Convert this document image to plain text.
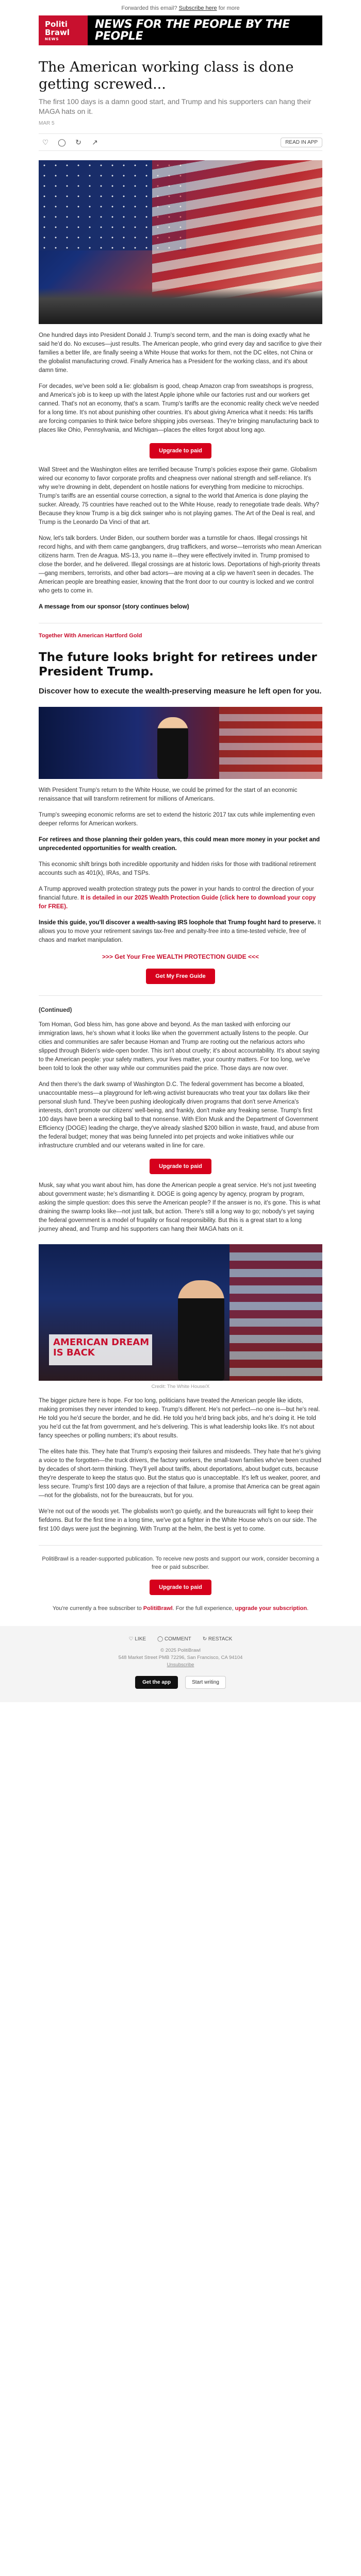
Forwarded this email? Subscribe here for more
Politi
Brawl
NEWS
NEWS FOR THE PEOPLE BY THE PEOPLE
The American working class is done getting screwed...
The first 100 days is a damn good start, and Trump and his supporters can hang their MAGA hats on it.
MAR 5
♡	◯	↻	↗	READ IN APP

One hundred days into President Donald J. Trump's second term, and the man is doing exactly what he said he'd do. No excuses—just results. The American people, who grind every day and sacrifice to give their families a better life, are finally seeing a White House that works for them, not the DC elites, not China or the globalist manufacturing crowd. Finally America has a President for the working class, and it's about damn time.

For decades, we've been sold a lie: globalism is good, cheap Amazon crap from sweatshops is progress, and America's job is to keep up with the latest Apple iphone while our factories rust and our workers get canned. That's not an economy, that's a scam. Trump's tariffs are the economic reality check we've needed for a long time. It's not about punishing other countries. It's about giving America what it needs: His tariffs are forcing companies to think twice before shipping jobs overseas. They're bringing manufacturing back to places like Ohio, Pennsylvania, and Michigan—places the elites forgot about long ago.

Upgrade to paid

Wall Street and the Washington elites are terrified because Trump's policies expose their game. Globalism wired our economy to favor corporate profits and cheapness over national strength and self-reliance. It's why we're drowning in debt, dependent on hostile nations for everything from medicine to microchips. Trump's tariffs are an essential course correction, a signal to the world that America is done playing the sucker. Already, 75 countries have reached out to the White House, ready to renegotiate trade deals. Why? Because they know Trump is a big dick swinger who is not playing games. The Art of the Deal is real, and Trump is the Leonardo Da Vinci of that art.

Now, let's talk borders. Under Biden, our southern border was a turnstile for chaos. Illegal crossings hit record highs, and with them came gangbangers, drug traffickers, and worse—terrorists who mean American citizens harm. Tren de Aragua. MS-13, you name it—they were effectively invited in. Trump promised to close the border, and he delivered. Illegal crossings are at historic lows. Deportations of high-priority threats—gang members, terrorists, and other bad actors—are moving at a clip we haven't seen in decades. The American people are breathing easier, knowing that the front door to our country is locked and we control who gets to come in.

A message from our sponsor (story continues below)

Together With American Hartford Gold
The future looks bright for retirees under President Trump.
Discover how to execute the wealth-preserving measure he left open for you.

With President Trump's return to the White House, we could be primed for the start of an economic renaissance that will transform retirement for millions of Americans.

Trump's sweeping economic reforms are set to extend the historic 2017 tax cuts while implementing even deeper reforms for American workers.

For retirees and those planning their golden years, this could mean more money in your pocket and unprecedented opportunities for wealth creation.

This economic shift brings both incredible opportunity and hidden risks for those with traditional retirement accounts such as 401(k), IRAs, and TSPs.

A Trump approved wealth protection strategy puts the power in your hands to control the direction of your financial future. It is detailed in our 2025 Wealth Protection Guide (click here to download your copy for FREE).

Inside this guide, you'll discover a wealth-saving IRS loophole that Trump fought hard to preserve. It allows you to move your retirement savings tax-free and penalty-free into a time-tested vehicle, free of chaos and market manipulation.

>>> Get Your Free WEALTH PROTECTION GUIDE <<<
Get My Free Guide
(Continued)

Tom Homan, God bless him, has gone above and beyond. As the man tasked with enforcing our immigration laws, he's shown what it looks like when the government actually listens to the people. Our cities and communities are safer because Homan and Trump are rooting out the nefarious actors who slipped through Biden's wide-open border. This isn't about cruelty; it's about accountability. It's about saying to the American people: your safety matters, your lives matter, your country matters. For too long, we've been told to look the other way while our communities paid the price. Those days are now over.

And then there's the dark swamp of Washington D.C. The federal government has become a bloated, unaccountable mess—a playground for left-wing activist bureaucrats who treat your tax dollars like their personal slush fund. They've been pushing ideologically driven programs that don't serve America's interests, don't promote our citizens' well-being, and frankly, don't make any freaking sense. Trump's first 100 days have been a wrecking ball to that nonsense. With Elon Musk and the Department of Government Efficiency (DOGE) leading the charge, they've already slashed $200 billion in waste, fraud, and abuse from the federal budget; money that was being funneled into pet projects and woke initiatives while our infrastructure crumbled and our veterans waited in line for care.

Upgrade to paid

Musk, say what you want about him, has done the American people a great service. He's not just tweeting about government waste; he's dismantling it. DOGE is going agency by agency, program by program, asking the simple question: does this serve the American people? If the answer is no, it's gone. This is what draining the swamp looks like—not just talk, but action. There's still a long way to go; nobody's yet saying the federal government is a model of frugality or fiscal responsibility. But this is a great start to a long journey ahead, and Trump and his supporters can hang their MAGA hats on it.

AMERICAN DREAM IS BACK
Credit: The White House/X

The bigger picture here is hope. For too long, politicians have treated the American people like idiots, making promises they never intended to keep. Trump's different. He's not perfect—no one is—but he's real. He told you he'd secure the border, and he did. He told you he'd bring back jobs, and he's doing it. He told you he'd cut the fat from government, and he's delivering. This is what leadership looks like. It's not about fancy speeches or polling numbers; it's about results.

The elites hate this. They hate that Trump's exposing their failures and misdeeds. They hate that he's giving a voice to the forgotten—the truck drivers, the factory workers, the small-town families who've been crushed by decades of short-term thinking. They'll yell about tariffs, about deportations, about budget cuts, because they're desperate to keep the status quo. But the status quo is unacceptable. It's left us weaker, poorer, and less secure. Trump's first 100 days are a rejection of that failure, a promise that America can be great again—not for the globalists, not for the bureaucrats, but for you.

We're not out of the woods yet. The globalists won't go quietly, and the bureaucrats will fight to keep their fiefdoms. But for the first time in a long time, we've got a fighter in the White House who's on our side. The first 100 days were just the beginning. With Trump at the helm, the best is yet to come.

PolitiBrawl is a reader-supported publication. To receive new posts and support our work, consider becoming a free or paid subscriber.

Upgrade to paid

You're currently a free subscriber to PolitiBrawl. For the full experience, upgrade your subscription.

♡ LIKE ◯ COMMENT ↻ RESTACK
© 2025 PolitiBrawl
548 Market Street PMB 72296, San Francisco, CA 94104
Unsubscribe
Get the app	Start writing
